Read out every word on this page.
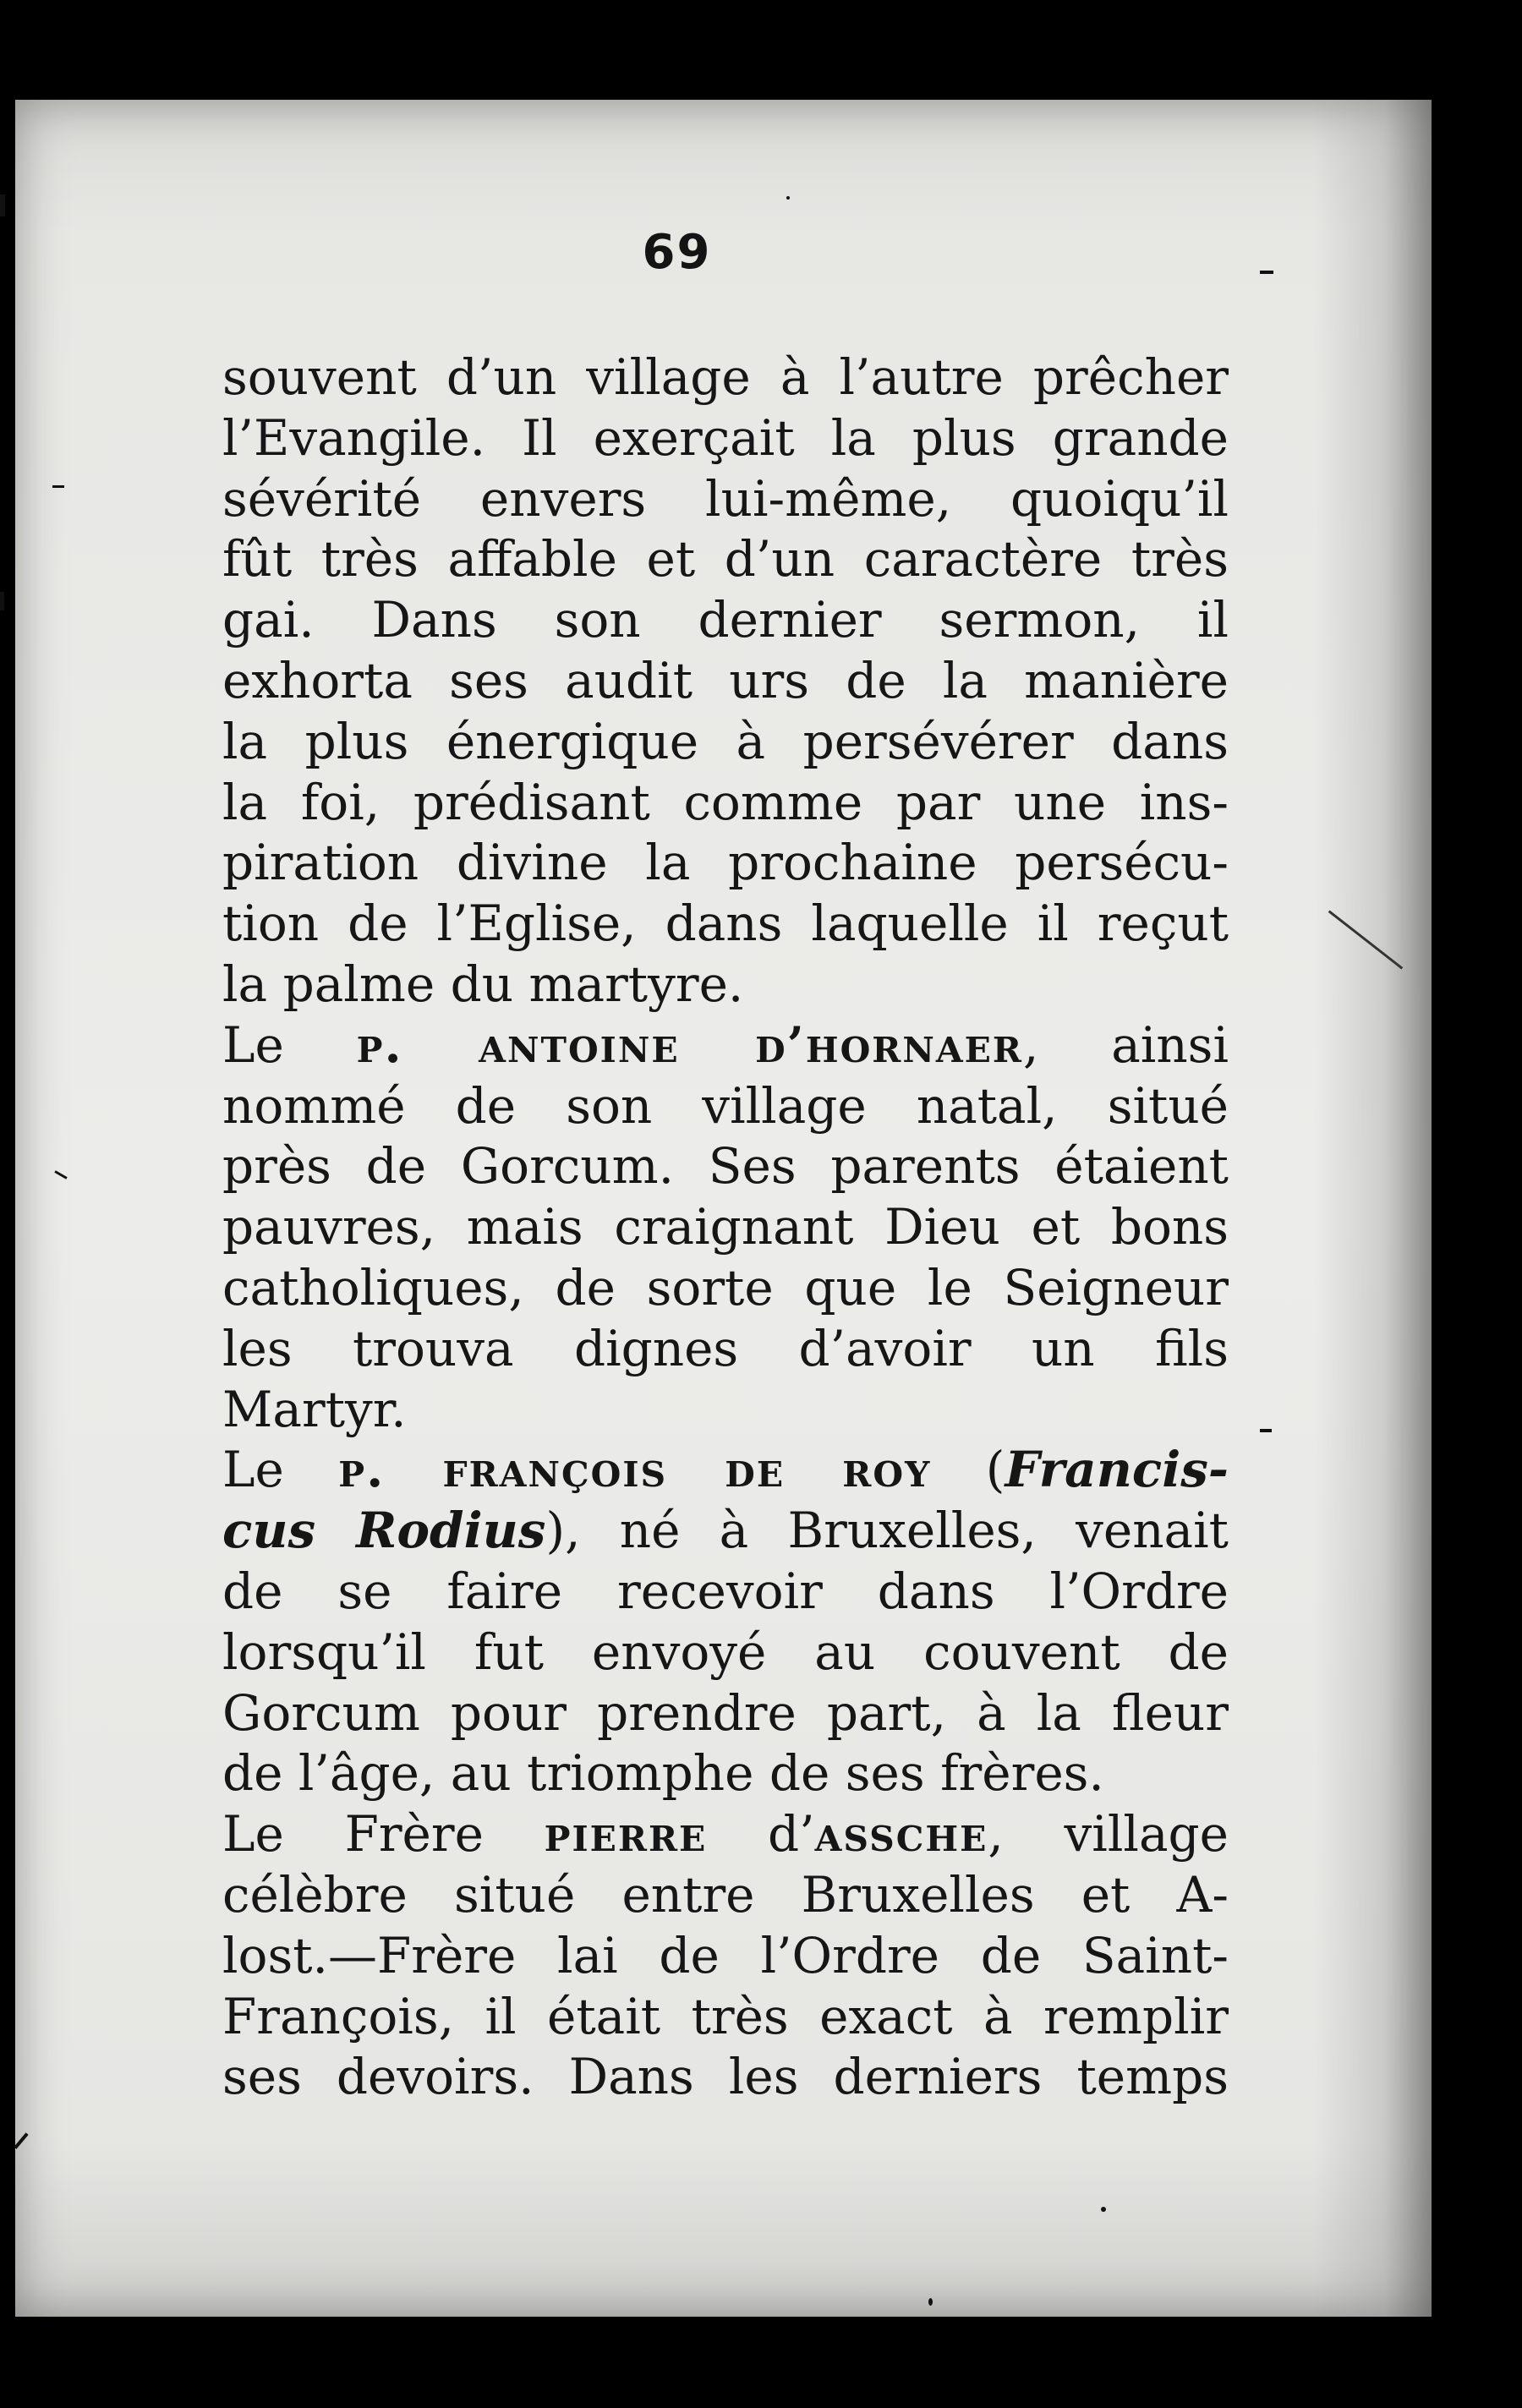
69
souvent d’un village à l’autre prêcher
l’Evangile. Il exerçait la plus grande
sévérité envers lui-même, quoiqu’il
fût très affable et d’un caractère très
gai. Dans son dernier sermon, il
exhorta ses audit urs de la manière
la plus énergique à persévérer dans
la foi, prédisant comme par une ins-
piration divine la prochaine persécu-
tion de l’Eglise, dans laquelle il reçut
la palme du martyre.
Le p. antoine d’hornaer, ainsi
nommé de son village natal, situé
près de Gorcum. Ses parents étaient
pauvres, mais craignant Dieu et bons
catholiques, de sorte que le Seigneur
les trouva dignes d’avoir un fils
Martyr.
Le p. françois de roy (Francis-
cus Rodius), né à Bruxelles, venait
de se faire recevoir dans l’Ordre
lorsqu’il fut envoyé au couvent de
Gorcum pour prendre part, à la fleur
de l’âge, au triomphe de ses frères.
Le Frère pierre d’assche, village
célèbre situé entre Bruxelles et A-
lost.—Frère lai de l’Ordre de Saint-
François, il était très exact à remplir
ses devoirs. Dans les derniers temps
